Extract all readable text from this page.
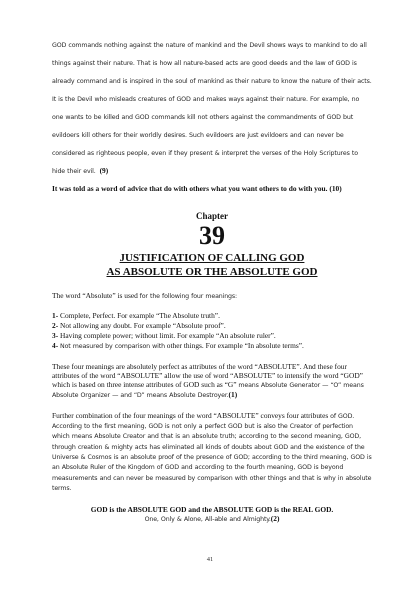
GOD commands nothing against the nature of mankind and the Devil shows ways to mankind to do all things against their nature. That is how all nature-based acts are good deeds and the law of GOD is already command and is inspired in the soul of mankind as their nature to know the nature of their acts. It is the Devil who misleads creatures of GOD and makes ways against their nature. For example, no one wants to be killed and GOD commands kill not others against the commandments of GOD but evildoers kill others for their worldly desires. Such evildoers are just evildoers and can never be considered as righteous people, even if they present & interpret the verses of the Holy Scriptures to hide their evil. (9)

It was told as a word of advice that do with others what you want others to do with you. (10)

Chapter
39
JUSTIFICATION OF CALLING GOD
AS ABSOLUTE OR THE ABSOLUTE GOD

The word “Absolute” is used for the following four meanings:

1- Complete, Perfect. For example “The Absolute truth”.
2- Not allowing any doubt. For example “Absolute proof”.
3- Having complete power; without limit. For example “An absolute ruler”.
4- Not measured by comparison with other things. For example “In absolute terms”.

These four meanings are absolutely perfect as attributes of the word “ABSOLUTE”. And these four attributes of the word “ABSOLUTE” allow the use of word “ABSOLUTE” to intensify the word “GOD” which is based on three intense attributes of GOD such as “G” means Absolute Generator — “O” means Absolute Organizer — and “D” means Absolute Destroyer.(1)

Further combination of the four meanings of the word “ABSOLUTE” conveys four attributes of GOD. According to the first meaning, GOD is not only a perfect GOD but is also the Creator of perfection which means Absolute Creator and that is an absolute truth; according to the second meaning, GOD, through creation & mighty acts has eliminated all kinds of doubts about GOD and the existence of the Universe & Cosmos is an absolute proof of the presence of GOD; according to the third meaning, GOD is an Absolute Ruler of the Kingdom of GOD and according to the fourth meaning, GOD is beyond measurements and can never be measured by comparison with other things and that is why in absolute terms.

GOD is the ABSOLUTE GOD and the ABSOLUTE GOD is the REAL GOD.
One, Only & Alone, All-able and Almighty.(2)
41
